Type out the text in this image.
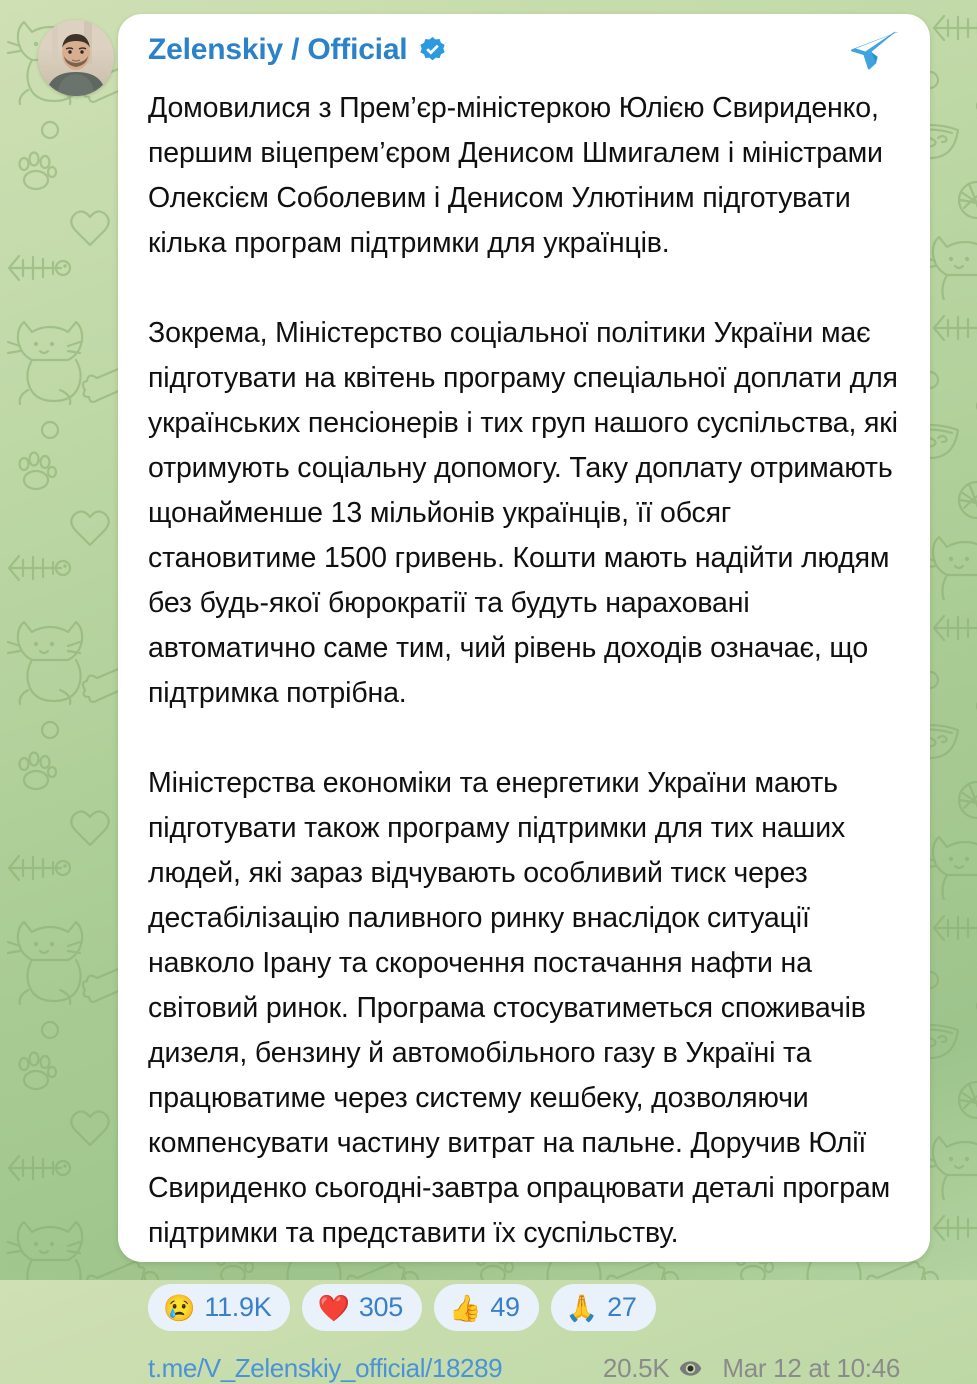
Zelenskiy / Official

Домовилися з Прем’єр-міністеркою Юлією Свириденко, першим віцепрем’єром Денисом Шмигалем і міністрами Олексієм Соболевим і Денисом Улютіним підготувати кілька програм підтримки для українців.

Зокрема, Міністерство соціальної політики України має підготувати на квітень програму спеціальної доплати для українських пенсіонерів і тих груп нашого суспільства, які отримують соціальну допомогу. Таку доплату отримають щонайменше 13 мільйонів українців, її обсяг становитиме 1500 гривень. Кошти мають надійти людям без будь-якої бюрократії та будуть нараховані автоматично саме тим, чий рівень доходів означає, що підтримка потрібна.

Міністерства економіки та енергетики України мають підготувати також програму підтримки для тих наших людей, які зараз відчувають особливий тиск через дестабілізацію паливного ринку внаслідок ситуації навколо Ірану та скорочення постачання нафти на світовий ринок. Програма стосуватиметься споживачів дизеля, бензину й автомобільного газу в Україні та працюватиме через систему кешбеку, дозволяючи компенсувати частину витрат на пальне. Доручив Юлії Свириденко сьогодні-завтра опрацювати деталі програм підтримки та представити їх суспільству.

😢 11.9K ❤️ 305 👍 49 🙏 27
t.me/V_Zelenskiy_official/18289	20.5K Mar 12 at 10:46
